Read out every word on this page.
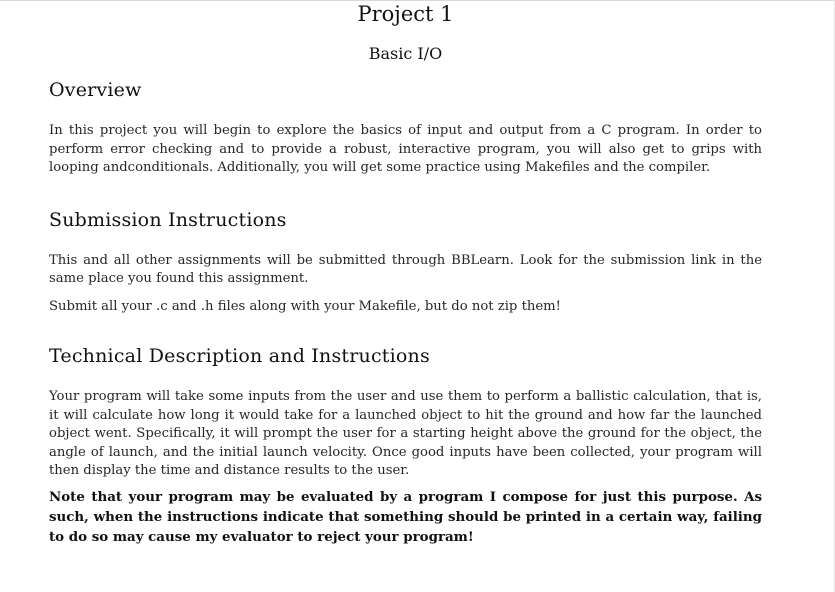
Project 1
Basic I/O
Overview

In this project you will begin to explore the basics of input and output from a C program. In order to perform error checking and to provide a robust, interactive program, you will also get to grips with looping andconditionals. Additionally, you will get some practice using Makefiles and the compiler.

Submission Instructions

This and all other assignments will be submitted through BBLearn. Look for the submission link in the same place you found this assignment.

Submit all your .c and .h files along with your Makefile, but do not zip them!

Technical Description and Instructions

Your program will take some inputs from the user and use them to perform a ballistic calculation, that is, it will calculate how long it would take for a launched object to hit the ground and how far the launched object went. Specifically, it will prompt the user for a starting height above the ground for the object, the angle of launch, and the initial launch velocity. Once good inputs have been collected, your program will then display the time and distance results to the user.

Note that your program may be evaluated by a program I compose for just this purpose. As such, when the instructions indicate that something should be printed in a certain way, failing to do so may cause my evaluator to reject your program!
